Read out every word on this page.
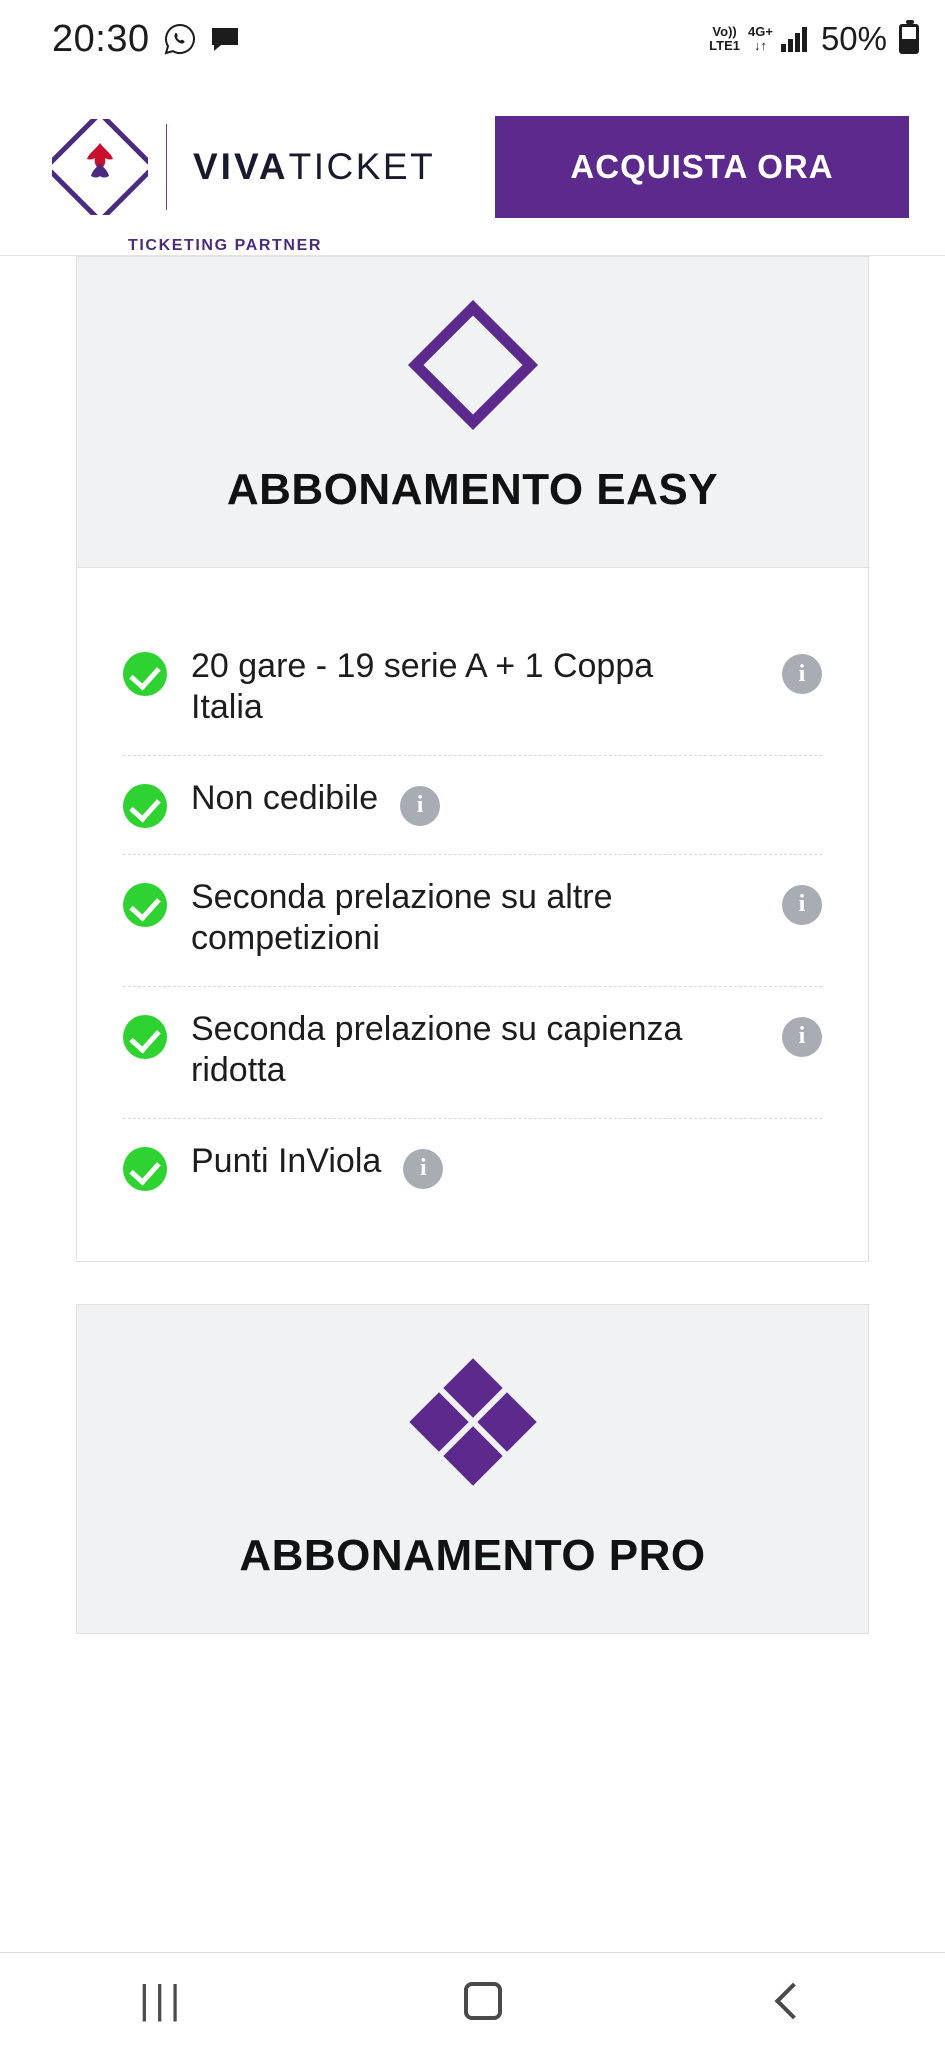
20:30	Vo))
LTE1
4G+
↓↑ 50%
VIVATICKET
TICKETING PARTNER
ACQUISTA ORA
ABBONAMENTO EASY
20 gare - 19 serie A + 1 Coppa Italia
i
Non cedibile	i
Seconda prelazione su altre competizioni
i
Seconda prelazione su capienza ridotta
i
Punti InViola	i
ABBONAMENTO PRO
|||
